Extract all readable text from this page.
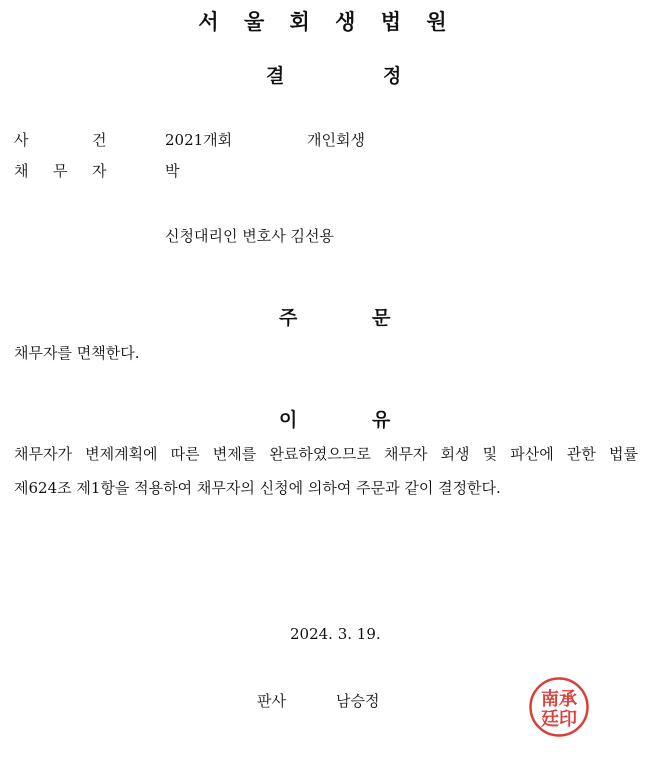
서 울 회 생 법 원
결	정
사	건	2021개회	개인회생
채 무 자	박
신청대리인 변호사 김선용
주	문
채무자를 면책한다.
이	유
채무자가 변제계획에 따른 변제를 완료하였으므로 채무자 회생 및 파산에 관한 법률
제624조 제1항을 적용하여 채무자의 신청에 의하여 주문과 같이 결정한다.
2024. 3. 19.
판사	남승정	南承
廷印
